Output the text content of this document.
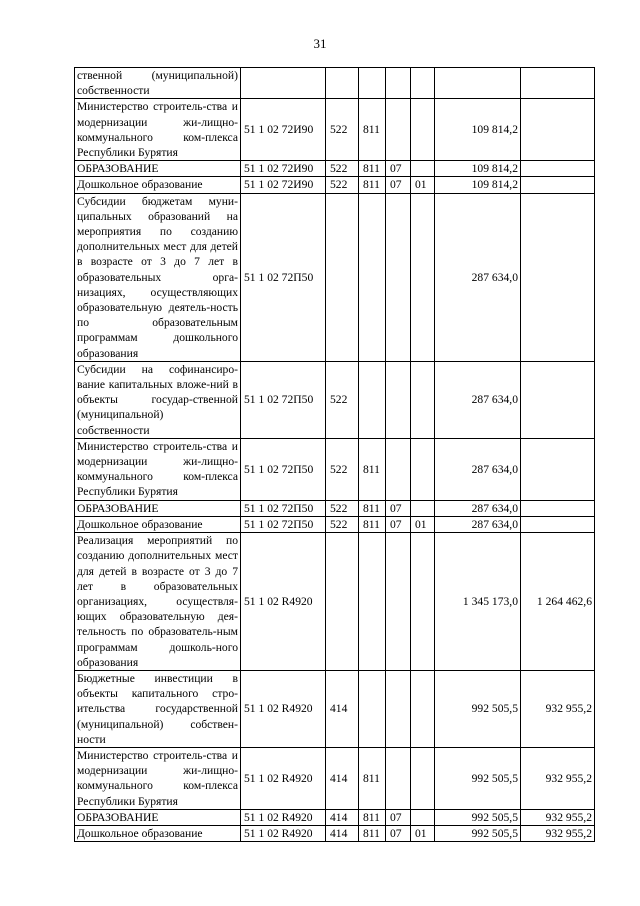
31
ственной (муниципальной) собственности							
Министерство строитель-ства и модернизации жи-лищно-коммунального ком-плекса Республики Бурятия	51 1 02 72И90	522	811			109 814,2	
ОБРАЗОВАНИЕ	51 1 02 72И90	522	811	07		109 814,2	
Дошкольное образование	51 1 02 72И90	522	811	07	01	109 814,2	
Субсидии бюджетам муни-ципальных образований на мероприятия по созданию дополнительных мест для детей в возрасте от 3 до 7 лет в образовательных орга-низациях, осуществляющих образовательную деятель-ность по образовательным программам дошкольного образования	51 1 02 72П50					287 634,0	
Субсидии на софинансиро-вание капитальных вложе-ний в объекты государ-ственной (муниципальной) собственности	51 1 02 72П50	522				287 634,0	
Министерство строитель-ства и модернизации жи-лищно-коммунального ком-плекса Республики Бурятия	51 1 02 72П50	522	811			287 634,0	
ОБРАЗОВАНИЕ	51 1 02 72П50	522	811	07		287 634,0	
Дошкольное образование	51 1 02 72П50	522	811	07	01	287 634,0	
Реализация мероприятий по созданию дополнительных мест для детей в возрасте от 3 до 7 лет в образовательных организациях, осуществля-ющих образовательную дея-тельность по образователь-ным программам дошколь-ного образования	51 1 02 R4920					1 345 173,0	1 264 462,6
Бюджетные инвестиции в объекты капитального стро-ительства государственной (муниципальной) собствен-ности	51 1 02 R4920	414				992 505,5	932 955,2
Министерство строитель-ства и модернизации жи-лищно-коммунального ком-плекса Республики Бурятия	51 1 02 R4920	414	811			992 505,5	932 955,2
ОБРАЗОВАНИЕ	51 1 02 R4920	414	811	07		992 505,5	932 955,2
Дошкольное образование	51 1 02 R4920	414	811	07	01	992 505,5	932 955,2
